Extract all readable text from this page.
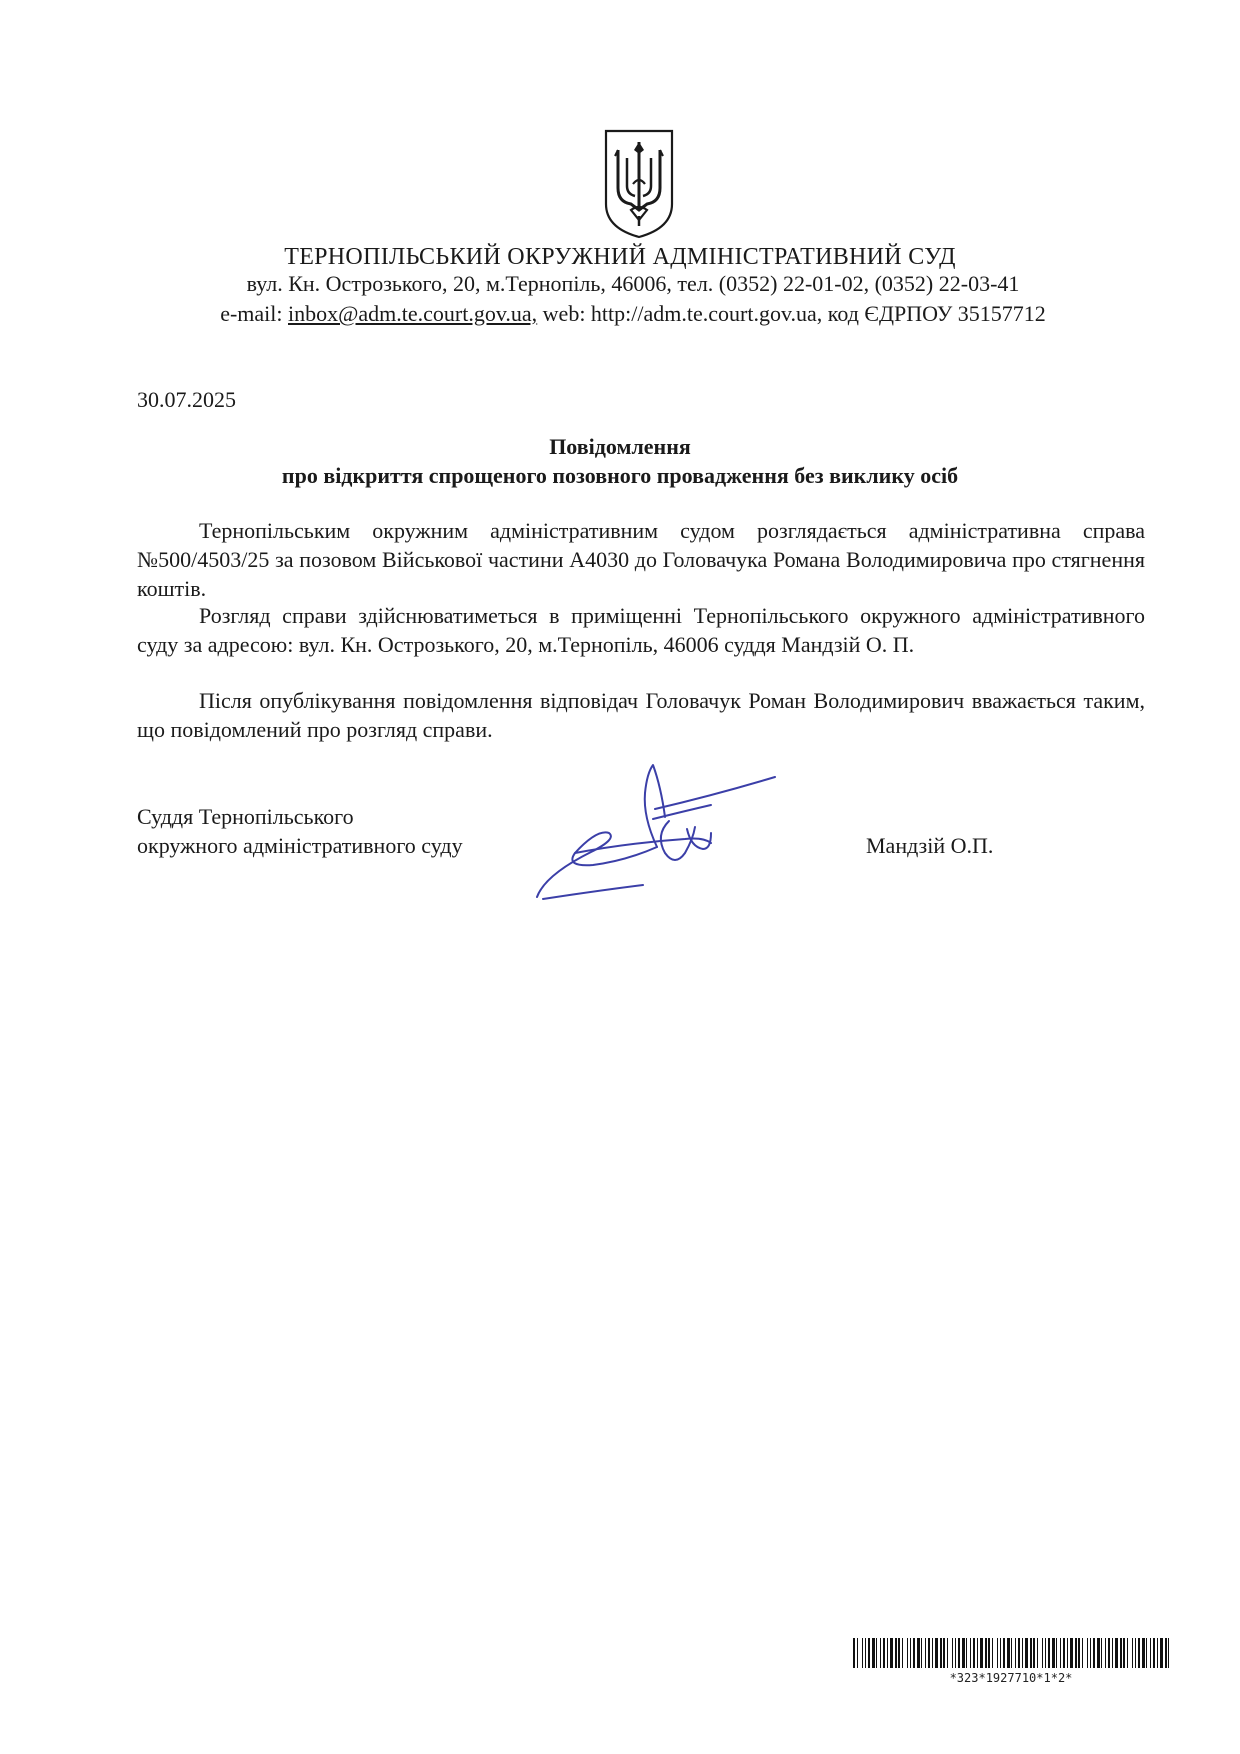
ТЕРНОПІЛЬСЬКИЙ ОКРУЖНИЙ АДМІНІСТРАТИВНИЙ СУД
вул. Кн. Острозького, 20, м.Тернопіль, 46006, тел. (0352) 22-01-02, (0352) 22-03-41
e-mail: inbox@adm.te.court.gov.ua, web: http://adm.te.court.gov.ua, код ЄДРПОУ 35157712
30.07.2025
Повідомлення
про відкриття спрощеного позовного провадження без виклику осіб

Тернопільським окружним адміністративним судом розглядається адміністративна справа №500/4503/25 за позовом Військової частини А4030 до Головачука Романа Володимировича про стягнення коштів.

Розгляд справи здійснюватиметься в приміщенні Тернопільського окружного адміністративного суду за адресою: вул. Кн. Острозького, 20, м.Тернопіль, 46006 суддя Мандзій О. П.

Після опублікування повідомлення відповідач Головачук Роман Володимирович вважається таким, що повідомлений про розгляд справи.

Суддя Тернопільського
окружного адміністративного суду	Мандзій О.П.
*323*1927710*1*2*
